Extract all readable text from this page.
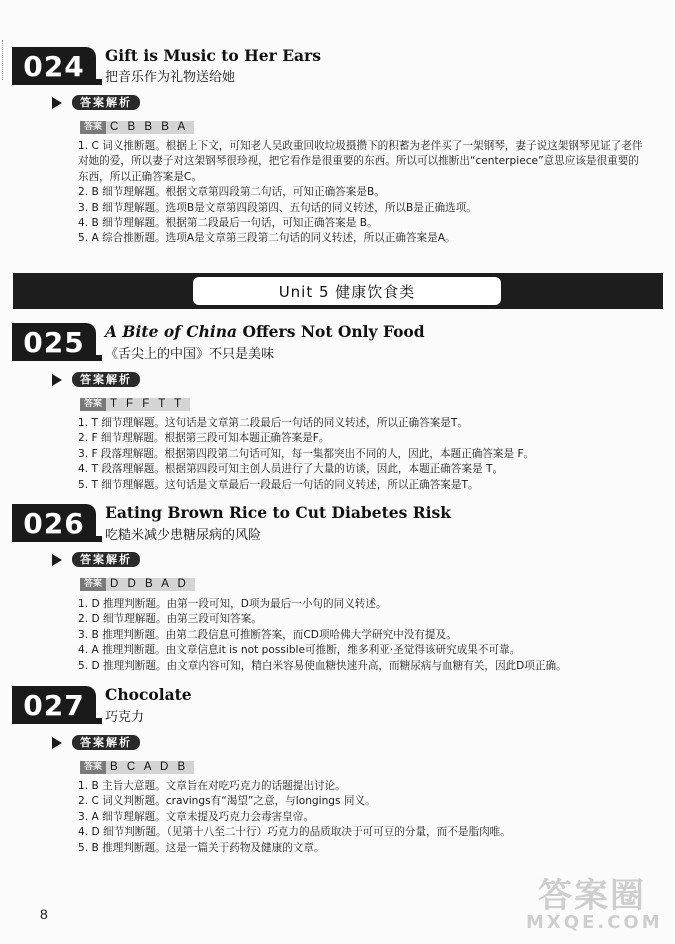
024	Gift is Music to Her Ears
把音乐作为礼物送给她
答案解析
答案 C B B B A
1. C 词义推断题。根据上下文，可知老人吴政重回收垃圾摄攒下的积蓄为老伴买了一架钢琴，妻子说这架钢琴见证了老伴对她的爱，所以妻子对这架钢琴很珍视，把它看作是很重要的东西。所以可以推断出“centerpiece”意思应该是很重要的东西，所以正确答案是C。
2. B 细节理解题。根据文章第四段第二句话，可知正确答案是B。
3. B 细节理解题。选项B是文章第四段第四、五句话的同义转述，所以B是正确选项。
4. B 细节理解题。根据第二段最后一句话，可知正确答案是 B。
5. A 综合推断题。选项A是文章第三段第二句话的同义转述，所以正确答案是A。
Unit 5 健康饮食类
025	A Bite of China Offers Not Only Food
《舌尖上的中国》不只是美味
答案解析
答案 T F F T T
1. T 细节理解题。这句话是文章第二段最后一句话的同义转述，所以正确答案是T。
2. F 细节理解题。根据第三段可知本题正确答案是F。
3. F 段落理解题。根据第四段第二句话可知，每一集都突出不同的人，因此，本题正确答案是 F。
4. T 段落理解题。根据第四段可知主创人员进行了大量的访谈，因此，本题正确答案是 T。
5. T 细节理解题。这句话是文章最后一段最后一句话的同义转述，所以正确答案是T。
026	Eating Brown Rice to Cut Diabetes Risk
吃糙米减少患糖尿病的风险
答案解析
答案 D D B A D
1. D 推理判断题。由第一段可知，D项为最后一小句的同义转述。
2. D 细节理解题。由第三段可知答案。
3. B 推理判断题。由第二段信息可推断答案，而CD项哈佛大学研究中没有提及。
4. A 推理判断题。由文章信息it is not possible可推断，维多利亚·圣觉得该研究成果不可靠。
5. D 推理判断题。由文章内容可知，精白米容易使血糖快速升高，而糖尿病与血糖有关，因此D项正确。
027	Chocolate
巧克力
答案解析
答案 B C A D B
1. B 主旨大意题。文章旨在对吃巧克力的话题提出讨论。
2. C 词义判断题。cravings有“渴望”之意，与longings 同义。
3. A 细节理解题。文章未提及巧克力会毒害皇帝。
4. D 细节判断题。（见第十八至二十行）巧克力的品质取决于可可豆的分量，而不是脂肉唯。
5. B 推理判断题。这是一篇关于药物及健康的文章。
8	答案圈
MXQE.COM
